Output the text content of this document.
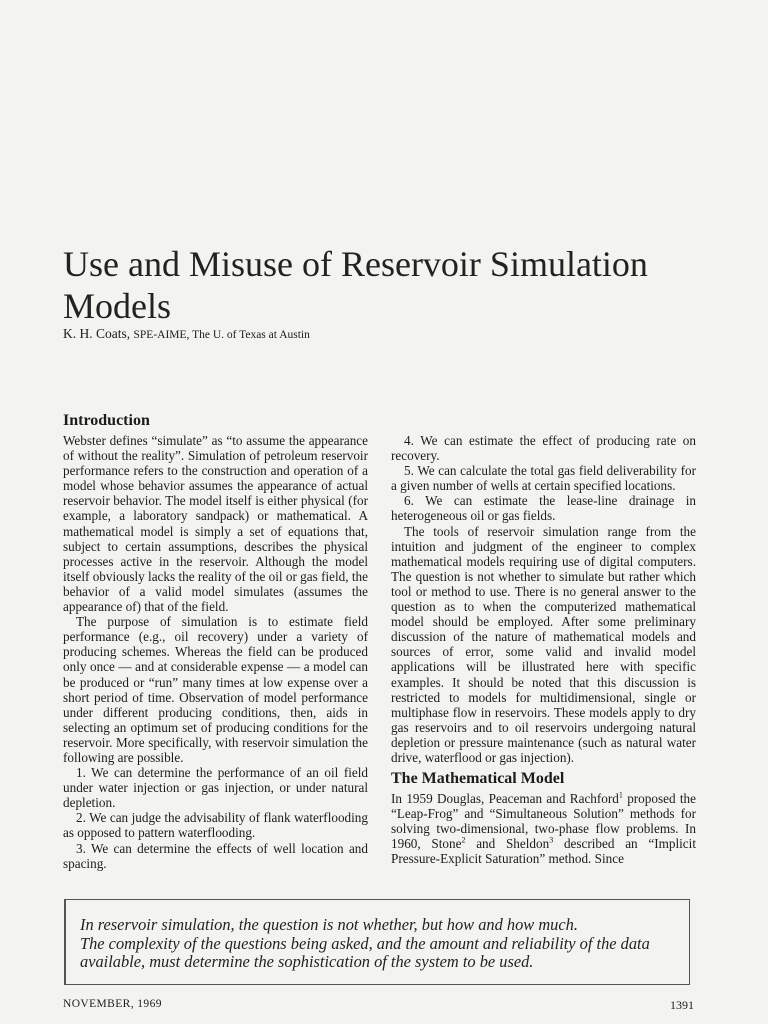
Use and Misuse of Reservoir Simulation
Models
K. H. Coats, SPE-AIME, The U. of Texas at Austin
Introduction

Webster defines “simulate” as “to assume the appearance of without the reality”. Simulation of petroleum reservoir performance refers to the construction and operation of a model whose behavior assumes the appearance of actual reservoir behavior. The model itself is either physical (for example, a laboratory sandpack) or mathematical. A mathematical model is simply a set of equations that, subject to certain assumptions, describes the physical processes active in the reservoir. Although the model itself obviously lacks the reality of the oil or gas field, the behavior of a valid model simulates (assumes the appearance of) that of the field.

The purpose of simulation is to estimate field performance (e.g., oil recovery) under a variety of producing schemes. Whereas the field can be produced only once — and at considerable expense — a model can be produced or “run” many times at low expense over a short period of time. Observation of model performance under different producing conditions, then, aids in selecting an optimum set of producing conditions for the reservoir. More specifically, with reservoir simulation the following are possible.

1. We can determine the performance of an oil field under water injection or gas injection, or under natural depletion.

2. We can judge the advisability of flank waterflooding as opposed to pattern waterflooding.

3. We can determine the effects of well location and spacing.

4. We can estimate the effect of producing rate on recovery.

5. We can calculate the total gas field deliverability for a given number of wells at certain specified locations.

6. We can estimate the lease-line drainage in heterogeneous oil or gas fields.

The tools of reservoir simulation range from the intuition and judgment of the engineer to complex mathematical models requiring use of digital computers. The question is not whether to simulate but rather which tool or method to use. There is no general answer to the question as to when the computerized mathematical model should be employed. After some preliminary discussion of the nature of mathematical models and sources of error, some valid and invalid model applications will be illustrated here with specific examples. It should be noted that this discussion is restricted to models for multidimensional, single or multiphase flow in reservoirs. These models apply to dry gas reservoirs and to oil reservoirs undergoing natural depletion or pressure maintenance (such as natural water drive, waterflood or gas injection).

The Mathematical Model

In 1959 Douglas, Peaceman and Rachford$^1$ proposed the “Leap-Frog” and “Simultaneous Solution” methods for solving two-dimensional, two-phase flow problems. In 1960, Stone$^2$ and Sheldon$^3$ described an “Implicit Pressure-Explicit Saturation” method. Since

In reservoir simulation, the question is not whether, but how and how much.
The complexity of the questions being asked, and the amount and reliability of the data
available, must determine the sophistication of the system to be used.
NOVEMBER, 1969	1391
